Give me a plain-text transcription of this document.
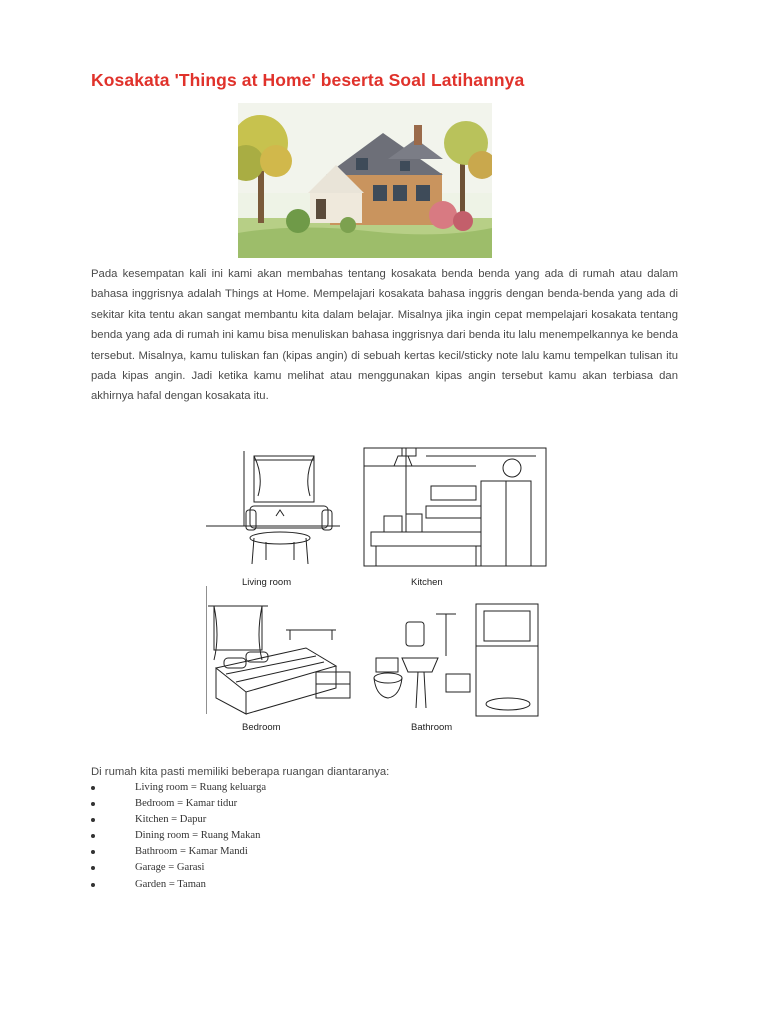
Kosakata 'Things at Home' beserta Soal Latihannya

Pada kesempatan kali ini kami akan membahas tentang kosakata benda benda yang ada di rumah atau dalam bahasa inggrisnya adalah Things at Home. Mempelajari kosakata bahasa inggris dengan benda-benda yang ada di sekitar kita tentu akan sangat membantu kita dalam belajar. Misalnya jika ingin cepat mempelajari kosakata tentang benda yang ada di rumah ini kamu bisa menuliskan bahasa inggrisnya dari benda itu lalu menempelkannya ke benda tersebut. Misalnya, kamu tuliskan fan (kipas angin) di sebuah kertas kecil/sticky note lalu kamu tempelkan tulisan itu pada kipas angin. Jadi ketika kamu melihat atau menggunakan kipas angin tersebut kamu akan terbiasa dan akhirnya hafal dengan kosakata itu.

Living room	Kitchen
Bedroom	Bathroom

Di rumah kita pasti memiliki beberapa ruangan diantaranya:

Living room = Ruang keluarga
Bedroom = Kamar tidur
Kitchen = Dapur
Dining room = Ruang Makan
Bathroom = Kamar Mandi
Garage = Garasi
Garden = Taman
